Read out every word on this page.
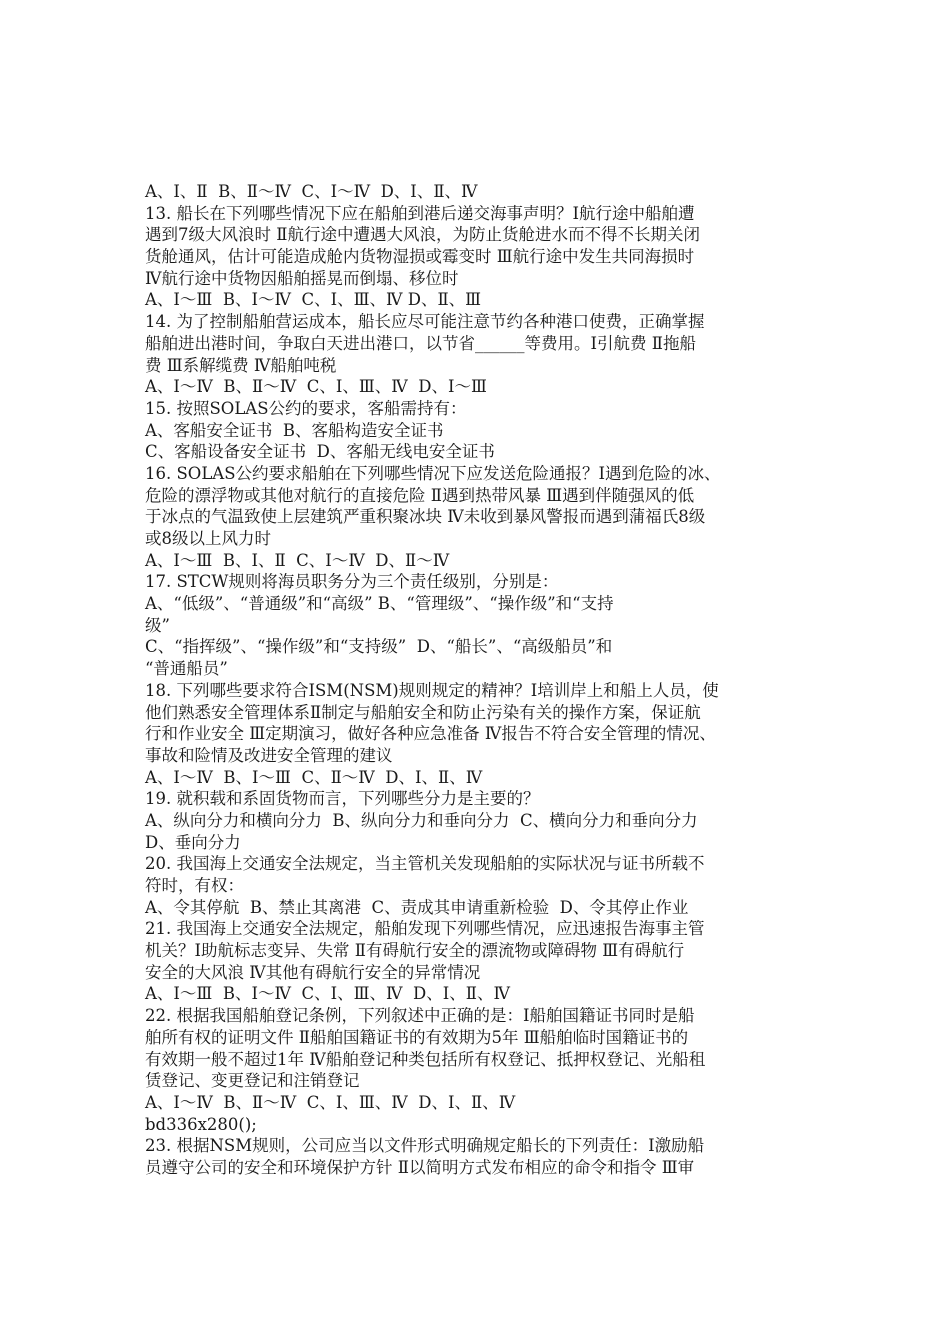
A、Ⅰ、Ⅱ  B、Ⅱ～Ⅳ  C、Ⅰ～Ⅳ  D、Ⅰ、Ⅱ、Ⅳ
13. 船长在下列哪些情况下应在船舶到港后递交海事声明？Ⅰ航行途中船舶遭
遇到7级大风浪时 Ⅱ航行途中遭遇大风浪，为防止货舱进水而不得不长期关闭
货舱通风，估计可能造成舱内货物湿损或霉变时 Ⅲ航行途中发生共同海损时
Ⅳ航行途中货物因船舶摇晃而倒塌、移位时
A、Ⅰ～Ⅲ  B、Ⅰ～Ⅳ  C、Ⅰ、Ⅲ、Ⅳ D、Ⅱ、Ⅲ
14. 为了控制船舶营运成本，船长应尽可能注意节约各种港口使费，正确掌握
船舶进出港时间，争取白天进出港口，以节省______等费用。Ⅰ引航费 Ⅱ拖船
费 Ⅲ系解缆费 Ⅳ船舶吨税
A、Ⅰ～Ⅳ  B、Ⅱ～Ⅳ  C、Ⅰ、Ⅲ、Ⅳ  D、Ⅰ～Ⅲ
15. 按照SOLAS公约的要求，客船需持有：
A、客船安全证书  B、客船构造安全证书
C、客船设备安全证书  D、客船无线电安全证书
16. SOLAS公约要求船舶在下列哪些情况下应发送危险通报？Ⅰ遇到危险的冰、
危险的漂浮物或其他对航行的直接危险 Ⅱ遇到热带风暴 Ⅲ遇到伴随强风的低
于冰点的气温致使上层建筑严重积聚冰块 Ⅳ未收到暴风警报而遇到蒲福氏8级
或8级以上风力时
A、Ⅰ～Ⅲ  B、Ⅰ、Ⅱ  C、Ⅰ～Ⅳ  D、Ⅱ～Ⅳ
17. STCW规则将海员职务分为三个责任级别，分别是：
A、“低级”、“普通级”和“高级” B、“管理级”、“操作级”和“支持
级”
C、“指挥级”、“操作级”和“支持级”  D、“船长”、“高级船员”和
“普通船员”
18. 下列哪些要求符合ISM(NSM)规则规定的精神？Ⅰ培训岸上和船上人员，使
他们熟悉安全管理体系Ⅱ制定与船舶安全和防止污染有关的操作方案，保证航
行和作业安全 Ⅲ定期演习，做好各种应急准备 Ⅳ报告不符合安全管理的情况、
事故和险情及改进安全管理的建议
A、Ⅰ～Ⅳ  B、Ⅰ～Ⅲ  C、Ⅱ～Ⅳ  D、Ⅰ、Ⅱ、Ⅳ
19. 就积载和系固货物而言，下列哪些分力是主要的？
A、纵向分力和横向分力  B、纵向分力和垂向分力  C、横向分力和垂向分力
D、垂向分力
20. 我国海上交通安全法规定，当主管机关发现船舶的实际状况与证书所载不
符时，有权：
A、令其停航  B、禁止其离港  C、责成其申请重新检验  D、令其停止作业
21. 我国海上交通安全法规定，船舶发现下列哪些情况，应迅速报告海事主管
机关？Ⅰ助航标志变异、失常 Ⅱ有碍航行安全的漂流物或障碍物 Ⅲ有碍航行
安全的大风浪 Ⅳ其他有碍航行安全的异常情况
A、Ⅰ～Ⅲ  B、Ⅰ～Ⅳ  C、Ⅰ、Ⅲ、Ⅳ  D、Ⅰ、Ⅱ、Ⅳ
22. 根据我国船舶登记条例，下列叙述中正确的是：Ⅰ船舶国籍证书同时是船
舶所有权的证明文件 Ⅱ船舶国籍证书的有效期为5年 Ⅲ船舶临时国籍证书的
有效期一般不超过1年 Ⅳ船舶登记种类包括所有权登记、抵押权登记、光船租
赁登记、变更登记和注销登记
A、Ⅰ～Ⅳ  B、Ⅱ～Ⅳ  C、Ⅰ、Ⅲ、Ⅳ  D、Ⅰ、Ⅱ、Ⅳ
bd336x280();
23. 根据NSM规则，公司应当以文件形式明确规定船长的下列责任：Ⅰ激励船
员遵守公司的安全和环境保护方针 Ⅱ以简明方式发布相应的命令和指令 Ⅲ审
